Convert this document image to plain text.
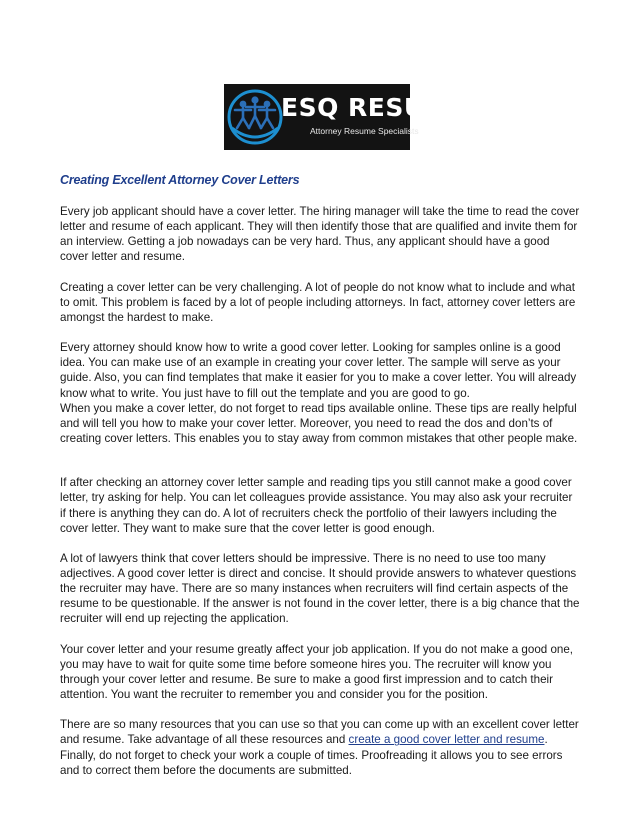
ESQ RESUME
Attorney Resume Specialists
Creating Excellent Attorney Cover Letters

Every job applicant should have a cover letter. The hiring manager will take the time to read the cover letter and resume of each applicant. They will then identify those that are qualified and invite them for an interview. Getting a job nowadays can be very hard. Thus, any applicant should have a good cover letter and resume.

Creating a cover letter can be very challenging. A lot of people do not know what to include and what to omit. This problem is faced by a lot of people including attorneys. In fact, attorney cover letters are amongst the hardest to make.

Every attorney should know how to write a good cover letter. Looking for samples online is a good idea. You can make use of an example in creating your cover letter. The sample will serve as your guide. Also, you can find templates that make it easier for you to make a cover letter. You will already know what to write. You just have to fill out the template and you are good to go.

When you make a cover letter, do not forget to read tips available online. These tips are really helpful and will tell you how to make your cover letter. Moreover, you need to read the dos and don’ts of creating cover letters. This enables you to stay away from common mistakes that other people make.

If after checking an attorney cover letter sample and reading tips you still cannot make a good cover letter, try asking for help. You can let colleagues provide assistance. You may also ask your recruiter if there is anything they can do. A lot of recruiters check the portfolio of their lawyers including the cover letter. They want to make sure that the cover letter is good enough.

A lot of lawyers think that cover letters should be impressive. There is no need to use too many adjectives. A good cover letter is direct and concise. It should provide answers to whatever questions the recruiter may have. There are so many instances when recruiters will find certain aspects of the resume to be questionable. If the answer is not found in the cover letter, there is a big chance that the recruiter will end up rejecting the application.

Your cover letter and your resume greatly affect your job application. If you do not make a good one, you may have to wait for quite some time before someone hires you. The recruiter will know you through your cover letter and resume. Be sure to make a good first impression and to catch their attention. You want the recruiter to remember you and consider you for the position.

There are so many resources that you can use so that you can come up with an excellent cover letter and resume. Take advantage of all these resources and create a good cover letter and resume. Finally, do not forget to check your work a couple of times. Proofreading it allows you to see errors and to correct them before the documents are submitted.
